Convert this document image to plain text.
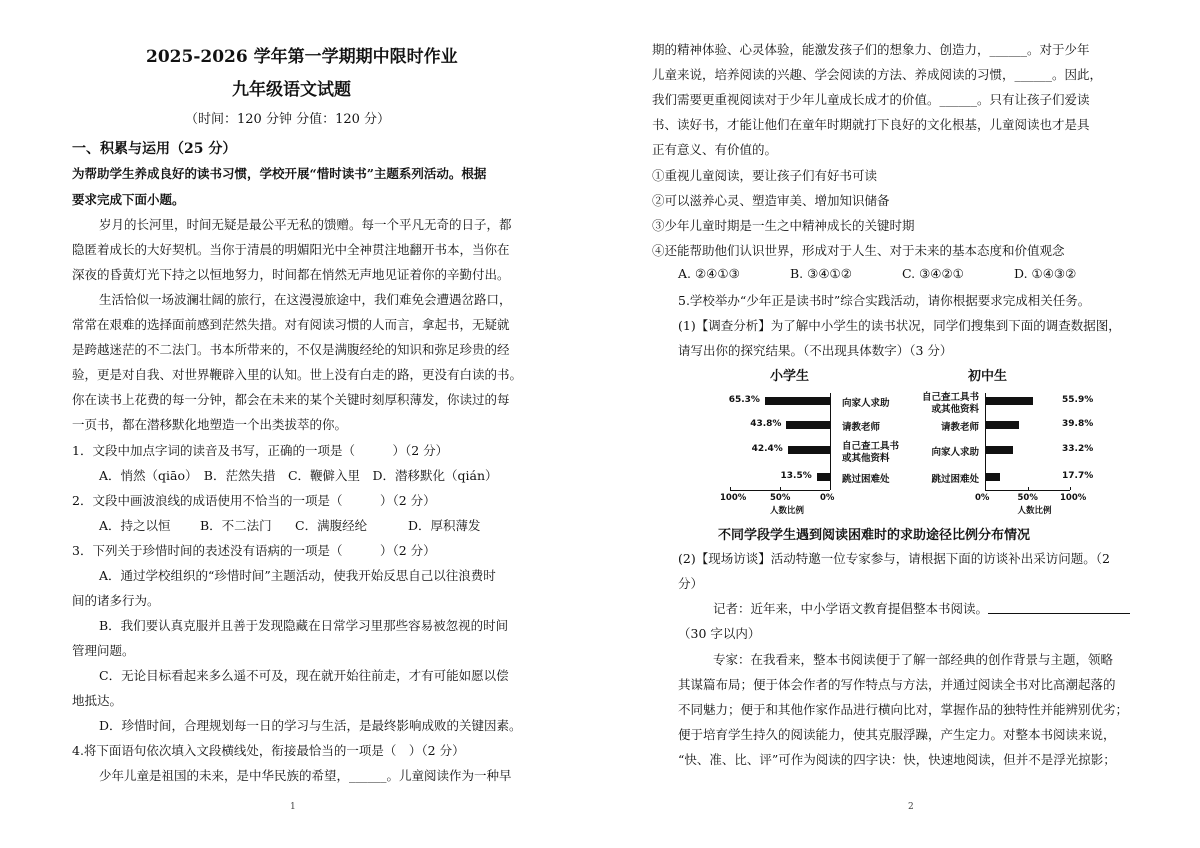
2025-2026 学年第一学期期中限时作业
九年级语文试题
（时间：120 分钟 分值：120 分）
一、积累与运用（25 分）
为帮助学生养成良好的读书习惯，学校开展“惜时读书”主题系列活动。根据
要求完成下面小题。
岁月的长河里，时间无疑是最公平无私的馈赠。每一个平凡无奇的日子，都
隐匿着成长的大好契机。当你于清晨的明媚阳光中全神贯注地翻开书本，当你在
深夜的昏黄灯光下持之以恒地努力，时间都在悄然无声地见证着你的辛勤付出。
生活恰似一场波澜壮阔的旅行，在这漫漫旅途中，我们难免会遭遇岔路口，
常常在艰难的选择面前感到茫然失措。对有阅读习惯的人而言，拿起书，无疑就
是跨越迷茫的不二法门。书本所带来的，不仅是满腹经纶的知识和弥足珍贵的经
验，更是对自我、对世界鞭辟入里的认知。世上没有白走的路，更没有白读的书。
你在读书上花费的每一分钟，都会在未来的某个关键时刻厚积薄发，你读过的每
一页书，都在潜移默化地塑造一个出类拔萃的你。
1．文段中加点字词的读音及书写，正确的一项是（　　　）（2 分）
A．悄然（qiāo）　B．茫然失措　C．鞭僻入里　D．潜移默化（qián）
2．文段中画波浪线的成语使用不恰当的一项是（　　　）（2 分）
A．持之以恒 B．不二法门 C．满腹经纶	D．厚积薄发
3．下列关于珍惜时间的表述没有语病的一项是（　　　）（2 分）
A．通过学校组织的“珍惜时间”主题活动，使我开始反思自己以往浪费时
间的诸多行为。
B．我们要认真克服并且善于发现隐藏在日常学习里那些容易被忽视的时间
管理问题。
C．无论目标看起来多么遥不可及，现在就开始往前走，才有可能如愿以偿
地抵达。
D．珍惜时间，合理规划每一日的学习与生活，是最终影响成败的关键因素。
4.将下面语句依次填入文段横线处，衔接最恰当的一项是（　）（2 分）
少年儿童是祖国的未来，是中华民族的希望，______。儿童阅读作为一种早
1
期的精神体验、心灵体验，能激发孩子们的想象力、创造力，______。对于少年
儿童来说，培养阅读的兴趣、学会阅读的方法、养成阅读的习惯，______。因此，
我们需要更重视阅读对于少年儿童成长成才的价值。______。只有让孩子们爱读
书、读好书，才能让他们在童年时期就打下良好的文化根基，儿童阅读也才是具
正有意义、有价值的。
①重视儿童阅读，要让孩子们有好书可读
②可以滋养心灵、塑造审美、增加知识储备
③少年儿童时期是一生之中精神成长的关键时期
④还能帮助他们认识世界，形成对于人生、对于未来的基本态度和价值观念
A. ②④①③	B. ③④①②	C. ③④②①	D. ①④③②
5.学校举办“少年正是读书时”综合实践活动，请你根据要求完成相关任务。
(1)【调查分析】为了解中小学生的读书状况，同学们搜集到下面的调查数据图，
请写出你的探究结果。（不出现具体数字）（3 分）
小学生
65.3%	向家人求助
43.8%	请教老师
42.4%	自己查工具书
或其他资料
13.5%	跳过困难处
100%	50%	0%
人数比例
初中生
55.9%
自己查工具书
或其他资料
39.8%
请教老师
33.2%
向家人求助
17.7%
跳过困难处
0%	50%	100%
人数比例
不同学段学生遇到阅读困难时的求助途径比例分布情况
(2)【现场访谈】活动特邀一位专家参与，请根据下面的访谈补出采访问题。（2
分）
记者：近年来，中小学语文教育提倡整本书阅读。
（30 字以内）
专家：在我看来，整本书阅读便于了解一部经典的创作背景与主题，领略
其谋篇布局；便于体会作者的写作特点与方法，并通过阅读全书对比高潮起落的
不同魅力；便于和其他作家作品进行横向比对，掌握作品的独特性并能辨别优劣；
便于培育学生持久的阅读能力，使其克服浮躁，产生定力。对整本书阅读来说，
“快、准、比、评”可作为阅读的四字诀：快，快速地阅读，但并不是浮光掠影；
2
